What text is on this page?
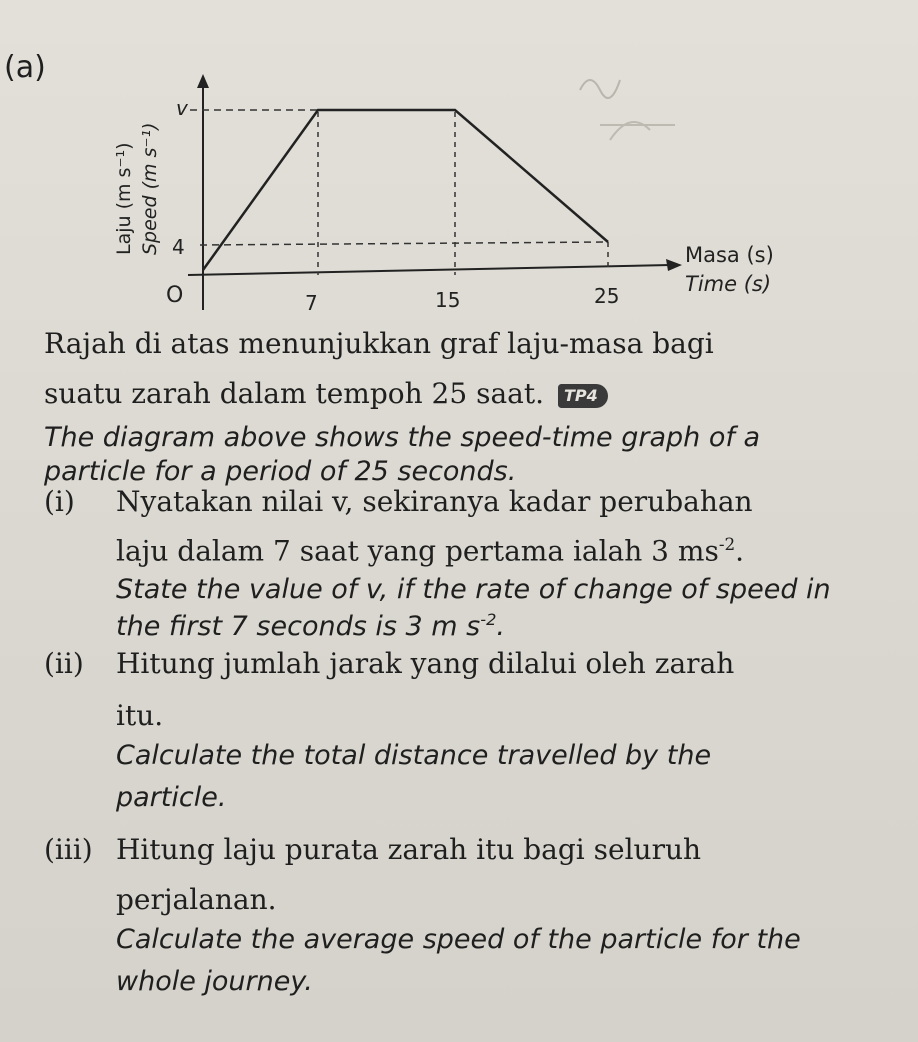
(a)
v
4
O	7	15	25
Masa (s)
Time (s)
Laju (m s⁻¹) Speed (m s⁻¹)
Rajah di atas menunjukkan graf laju-masa bagi
suatu zarah dalam tempoh 25 saat. TP4
The diagram above shows the speed-time graph of a
particle for a period of 25 seconds.
(i) Nyatakan nilai v, sekiranya kadar perubahan
laju dalam 7 saat yang pertama ialah 3 $ms^{-2}$.
State the value of v, if the rate of change of speed in
the first 7 seconds is 3 m $s^{-2}$.
(ii) Hitung jumlah jarak yang dilalui oleh zarah
itu.
Calculate the total distance travelled by the
particle.
(iii) Hitung laju purata zarah itu bagi seluruh
perjalanan.
Calculate the average speed of the particle for the
whole journey.
